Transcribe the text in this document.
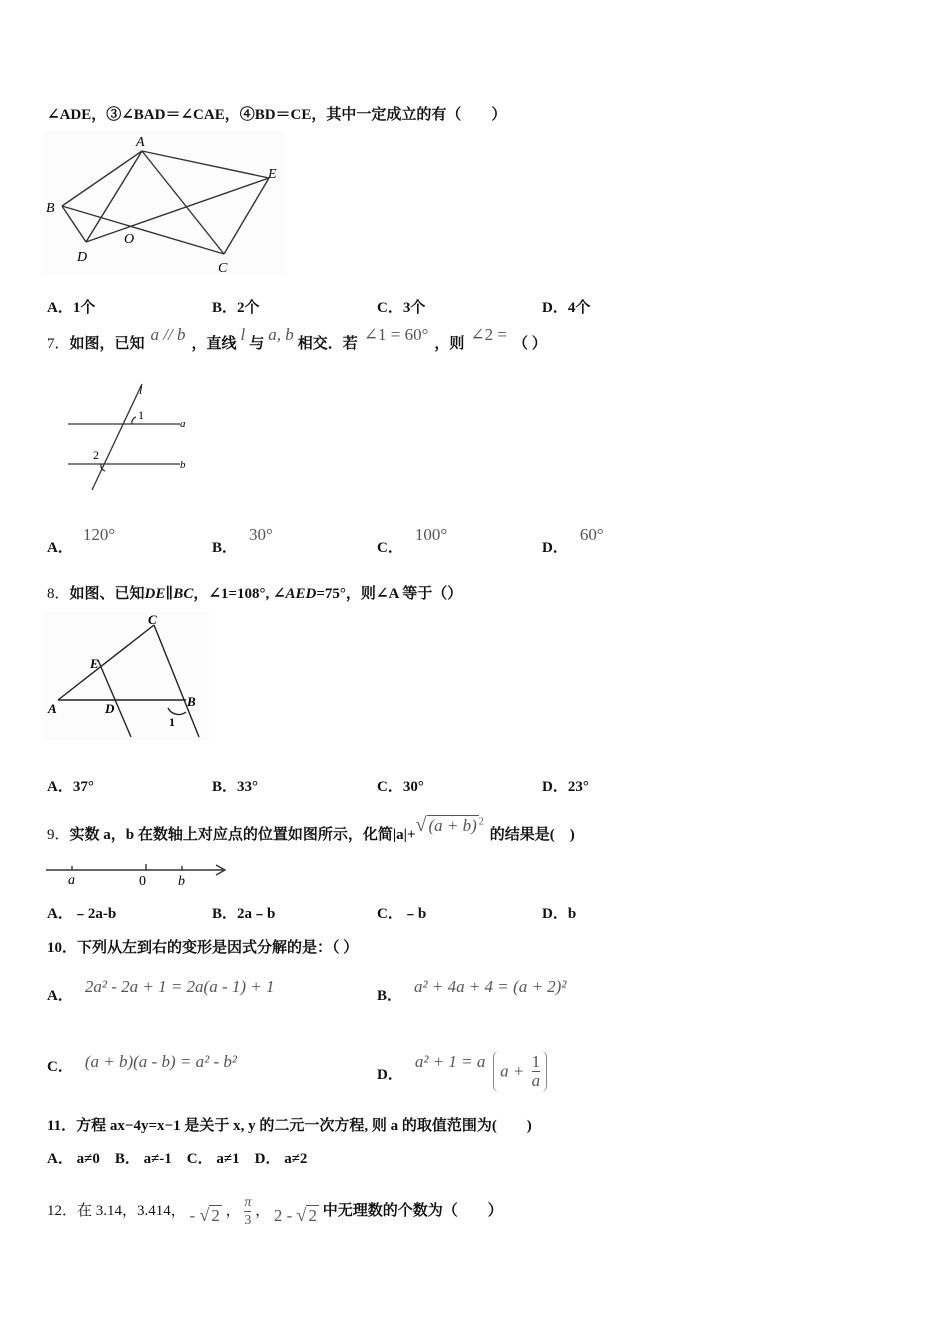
∠ADE，③∠BAD＝∠CAE，④BD＝CE，其中一定成立的有（　　）
A
B
C
D
E
O
A．1个	B．2个	C．3个	D．4个
7．如图，已知 a // b ，直线 l 与 a, b 相交．若 ∠1 = 60° ，则 ∠2 = （ ）
l
1
2
a
b
A．120°
B．30°
C．100°
D．60°
8．如图、已知DE∥BC，∠1=108°, ∠AED=75°，则∠A 等于（）
C
E
A	D	B
1
A．37°	B．33°	C．30°	D．23°
9．实数 a，b 在数轴上对应点的位置如图所示，化简|a|+√ (a + b) $^2$的结果是(　)
a	0 b
A．﹣2a-b	B．2a﹣b	C．﹣b	D．b
10．下列从左到右的变形是因式分解的是：（ ）
A． 2a² - 2a + 1 = 2a(a - 1) + 1	B． a² + 4a + 4 = (a + 2)²
C． (a + b)(a - b) = a² - b²
D．a² + 1 = a $a + \frac{1}{a}$
11．方程 ax−4y=x−1 是关于 x, y 的二元一次方程, 则 a 的取值范围为(　　)
A． a≠0　B． a≠-1　C． a≠1　D． a≠2
12．在 3.14，3.414， - √ 2 ， $\frac{\pi}{3}$ ， 2 - √ 2 中无理数的个数为（　　）
